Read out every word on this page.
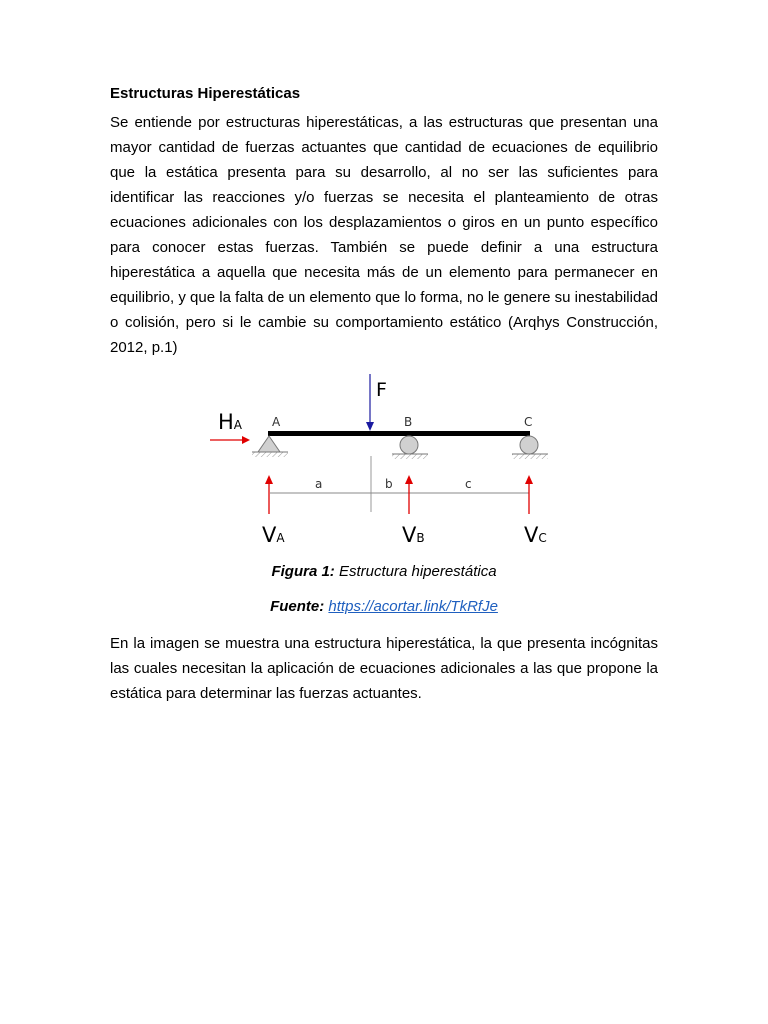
Estructuras Hiperestáticas

Se entiende por estructuras hiperestáticas, a las estructuras que presentan una mayor cantidad de fuerzas actuantes que cantidad de ecuaciones de equilibrio que la estática presenta para su desarrollo, al no ser las suficientes para identificar las reacciones y/o fuerzas se necesita el planteamiento de otras ecuaciones adicionales con los desplazamientos o giros en un punto específico para conocer estas fuerzas. También se puede definir a una estructura hiperestática a aquella que necesita más de un elemento para permanecer en equilibrio, y que la falta de un elemento que lo forma, no le genere su inestabilidad o colisión, pero si le cambie su comportamiento estático (Arqhys Construcción, 2012, p.1)

F
A	B	C
HA
a	b	c
VA	VB	VC
Figura 1: Estructura hiperestática
Fuente: https://acortar.link/TkRfJe

En la imagen se muestra una estructura hiperestática, la que presenta incógnitas las cuales necesitan la aplicación de ecuaciones adicionales a las que propone la estática para determinar las fuerzas actuantes.
